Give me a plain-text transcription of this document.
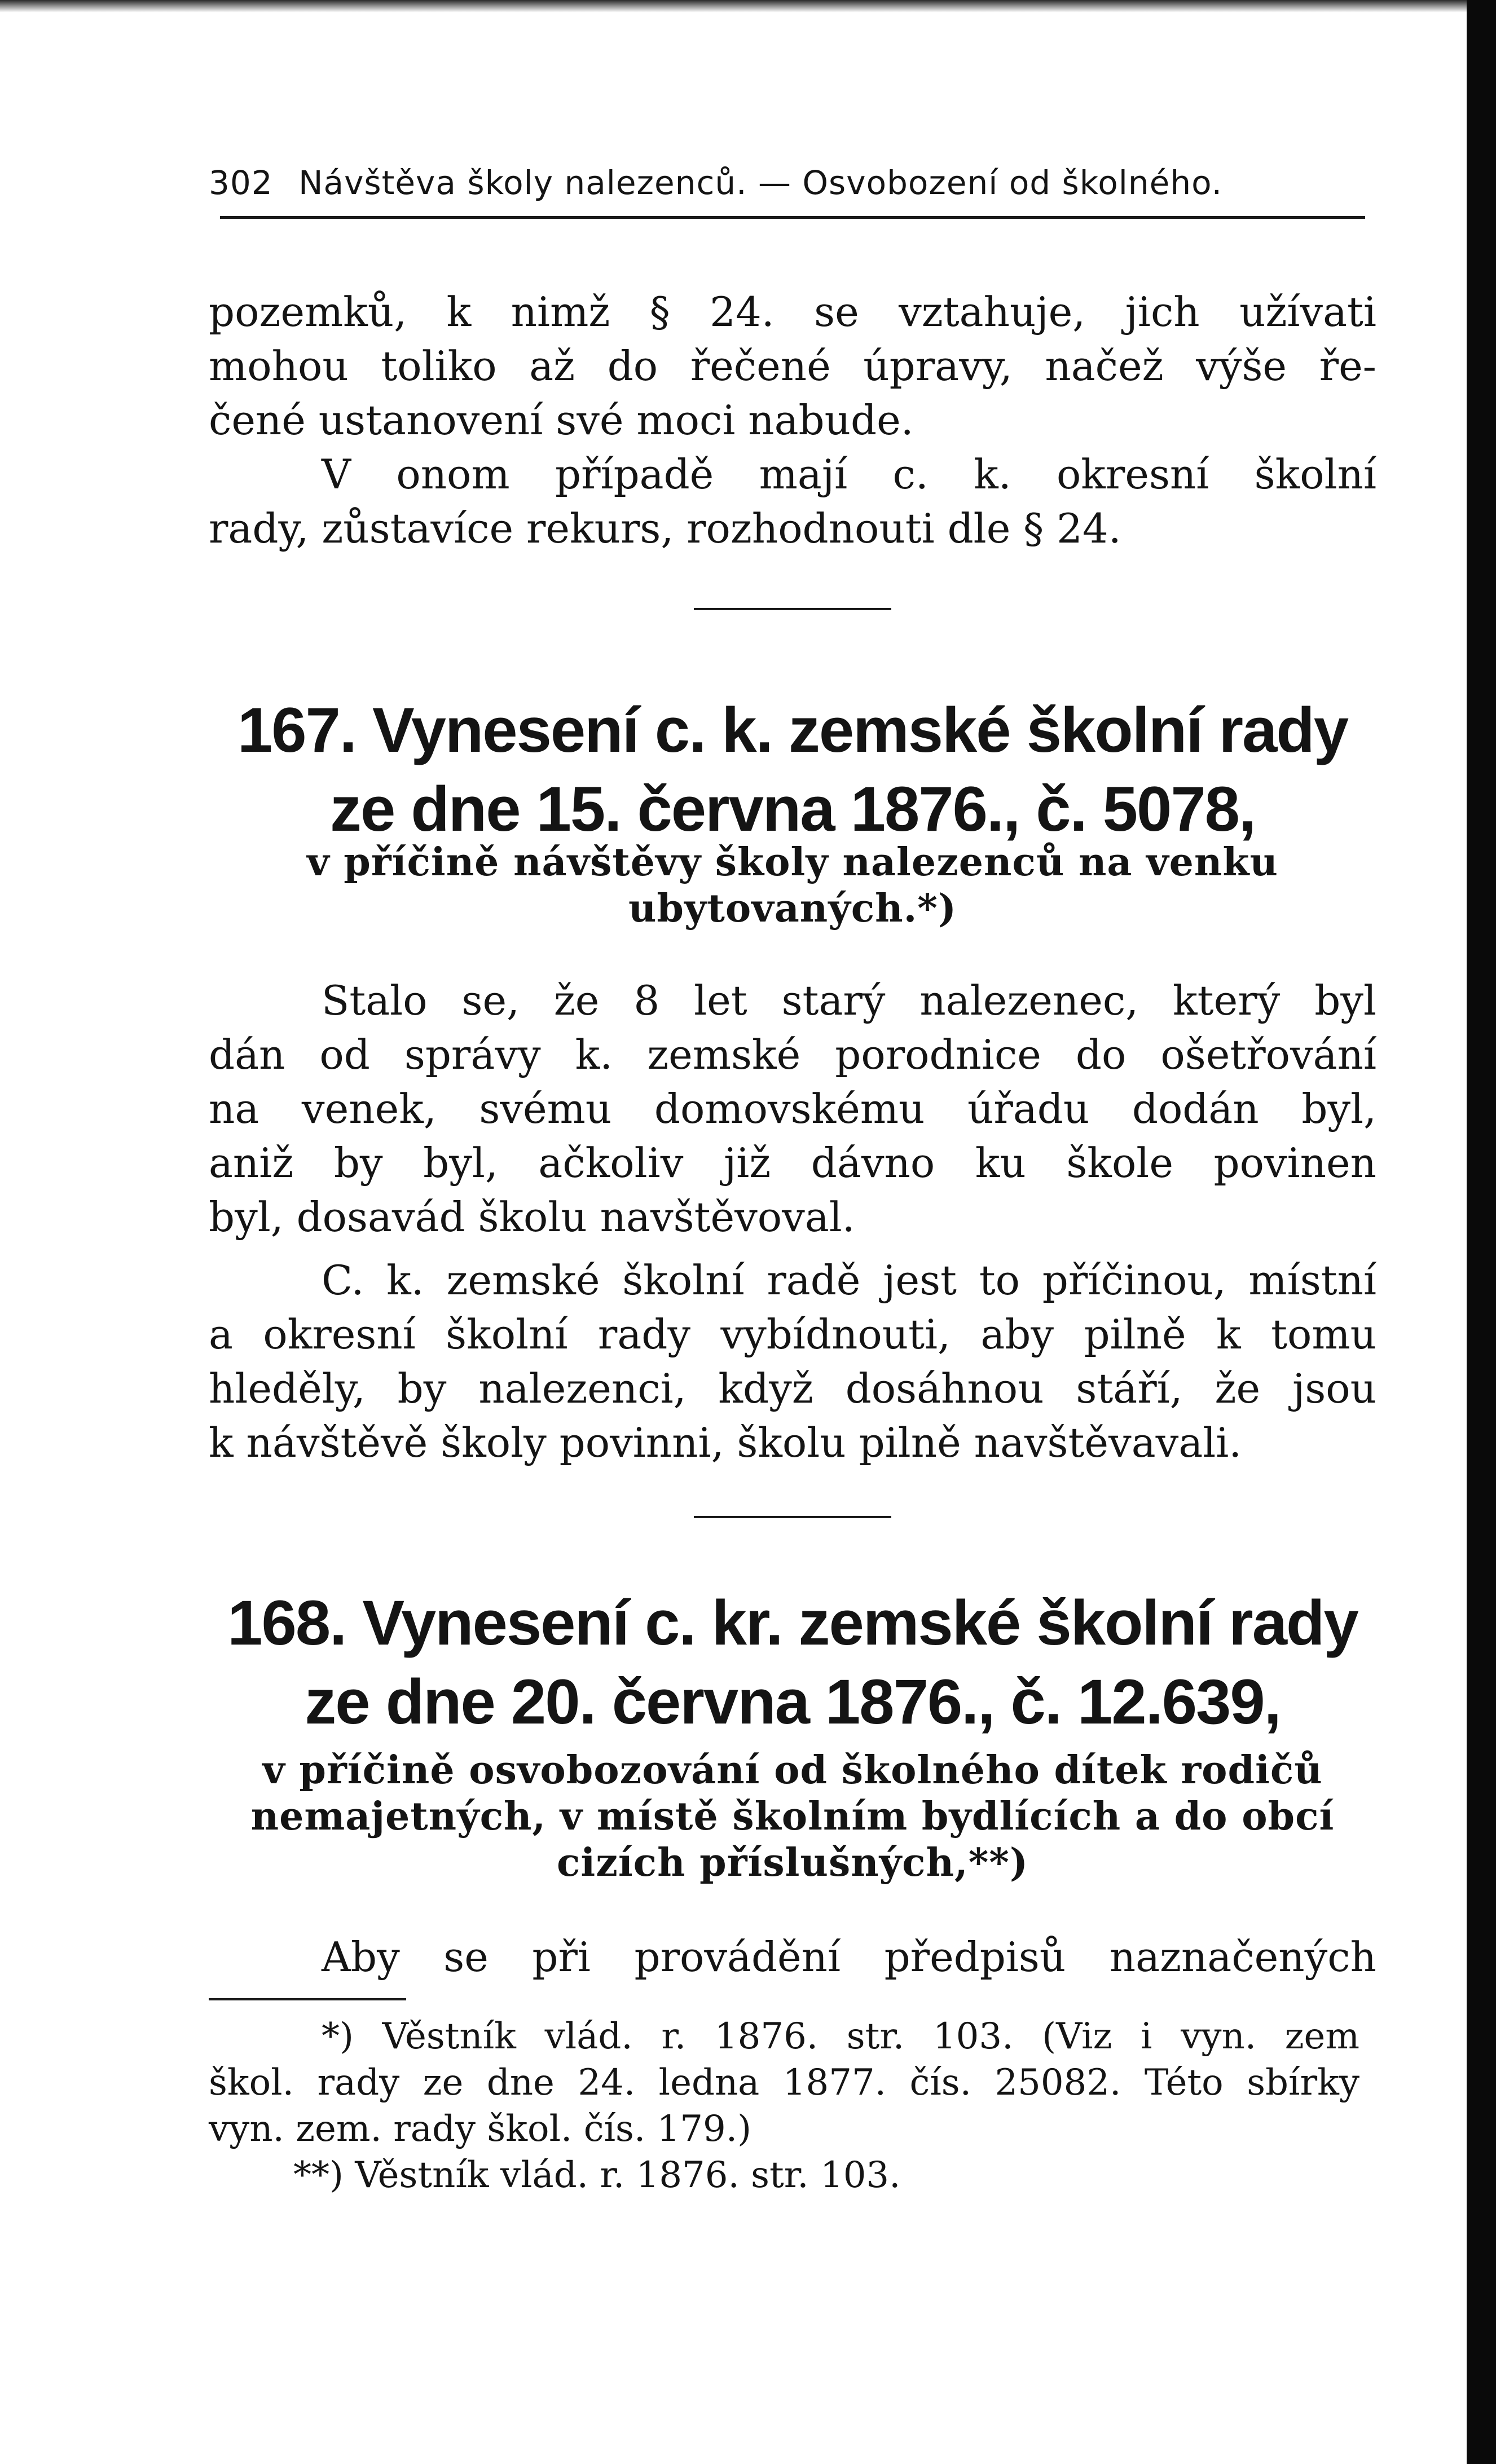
302 Návštěva školy nalezenců. — Osvobození od školného.
pozemků, k nimž § 24. se vztahuje, jich užívati
mohou toliko až do řečené úpravy, načež výše ře-
čené ustanovení své moci nabude.
V onom případě mají c. k. okresní školní
rady, zůstavíce rekurs, rozhodnouti dle § 24.
167. Vynesení c. k. zemské školní rady
ze dne 15. června 1876., č. 5078,
v příčině návštěvy školy nalezenců na venku
ubytovaných.*)
Stalo se, že 8 let starý nalezenec, který byl
dán od správy k. zemské porodnice do ošetřování
na venek, svému domovskému úřadu dodán byl,
aniž by byl, ačkoliv již dávno ku škole povinen
byl, dosavád školu navštěvoval.
C. k. zemské školní radě jest to příčinou, místní
a okresní školní rady vybídnouti, aby pilně k tomu
hleděly, by nalezenci, když dosáhnou stáří, že jsou
k návštěvě školy povinni, školu pilně navštěvavali.
168. Vynesení c. kr. zemské školní rady
ze dne 20. června 1876., č. 12.639,
v příčině osvobozování od školného dítek rodičů
nemajetných, v místě školním bydlících a do obcí
cizích příslušných,**)
Aby se při provádění předpisů naznačených
*) Věstník vlád. r. 1876. str. 103. (Viz i vyn. zem
škol. rady ze dne 24. ledna 1877. čís. 25082. Této sbírky
vyn. zem. rady škol. čís. 179.)
**) Věstník vlád. r. 1876. str. 103.
